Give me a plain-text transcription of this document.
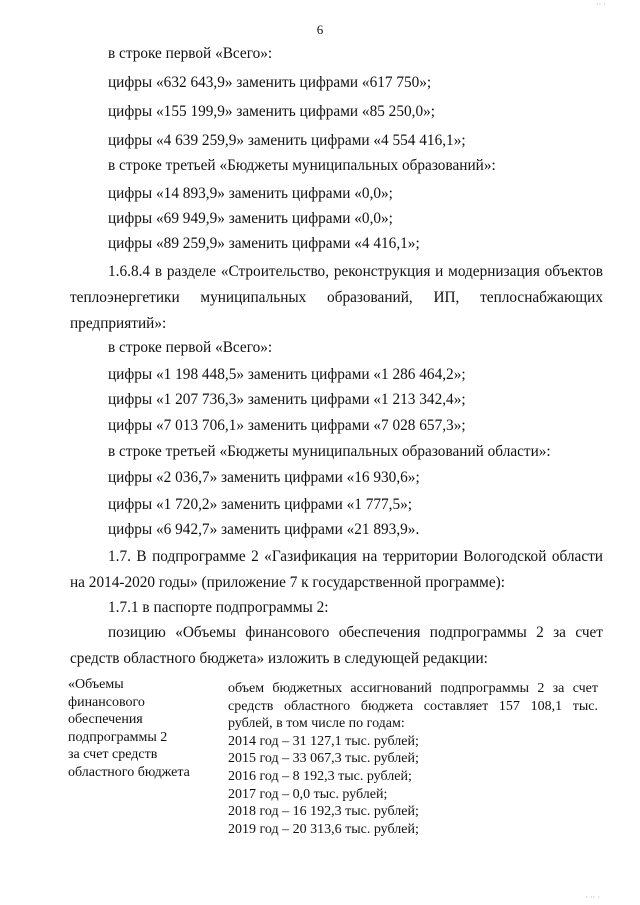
6
в строке первой «Всего»:
цифры «632 643,9» заменить цифрами «617 750»;
цифры «155 199,9» заменить цифрами «85 250,0»;
цифры «4 639 259,9» заменить цифрами «4 554 416,1»;
в строке третьей «Бюджеты муниципальных образований»:
цифры «14 893,9» заменить цифрами «0,0»;
цифры «69 949,9» заменить цифрами «0,0»;
цифры «89 259,9» заменить цифрами «4 416,1»;
1.6.8.4 в разделе «Строительство, реконструкция и модернизация объектов теплоэнергетики муниципальных образований, ИП, теплоснабжающих предприятий»:
в строке первой «Всего»:
цифры «1 198 448,5» заменить цифрами «1 286 464,2»;
цифры «1 207 736,3» заменить цифрами «1 213 342,4»;
цифры «7 013 706,1» заменить цифрами «7 028 657,3»;
в строке третьей «Бюджеты муниципальных образований области»:
цифры «2 036,7» заменить цифрами «16 930,6»;
цифры «1 720,2» заменить цифрами «1 777,5»;
цифры «6 942,7» заменить цифрами «21 893,9».
1.7. В подпрограмме 2 «Газификация на территории Вологодской области на 2014-2020 годы» (приложение 7 к государственной программе):
1.7.1 в паспорте подпрограммы 2:
позицию «Объемы финансового обеспечения подпрограммы 2 за счет средств областного бюджета» изложить в следующей редакции:
«Объемы
финансового
обеспечения
подпрограммы 2
за счет средств
областного бюджета
объем бюджетных ассигнований подпрограммы 2 за счет средств областного бюджета составляет 157 108,1 тыс. рублей, в том числе по годам:
2014 год – 31 127,1 тыс. рублей;
2015 год – 33 067,3 тыс. рублей;
2016 год – 8 192,3 тыс. рублей;
2017 год – 0,0 тыс. рублей;
2018 год – 16 192,3 тыс. рублей;
2019 год – 20 313,6 тыс. рублей;
·· ·
· ·· ·
